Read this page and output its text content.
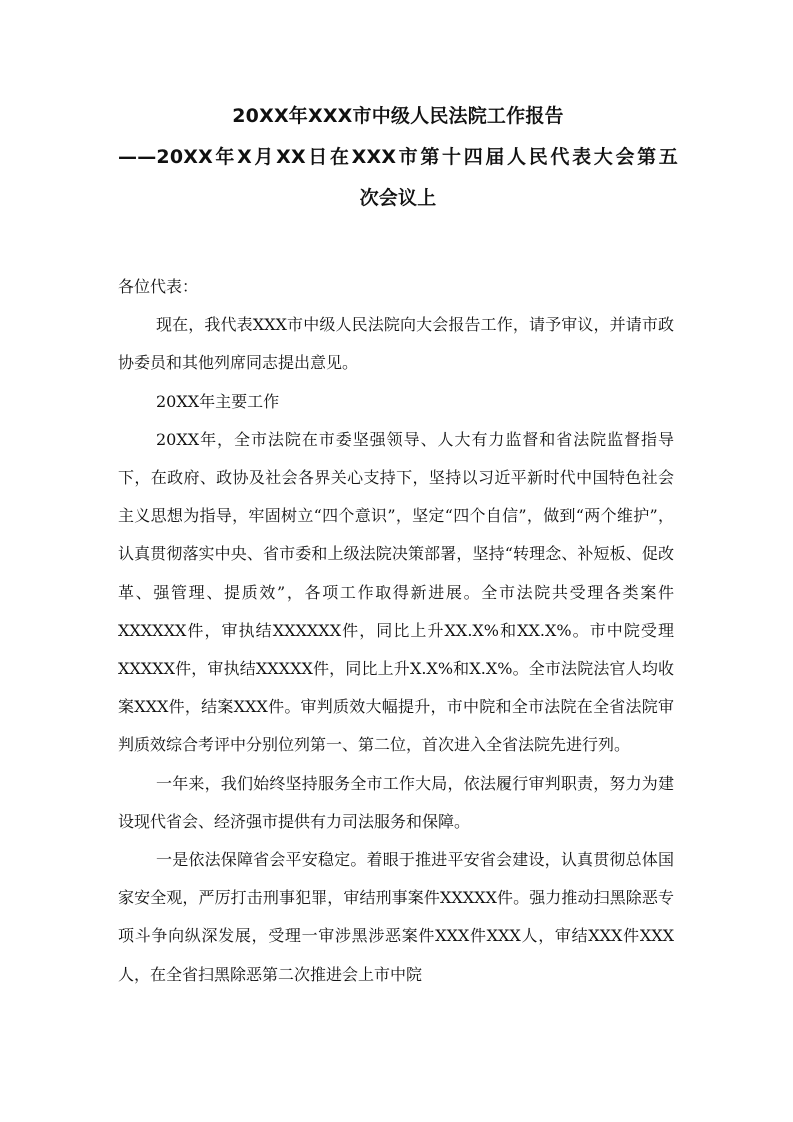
20XX年XXX市中级人民法院工作报告
——20XX年X月XX日在XXX市第十四届人民代表大会第五
次会议上

各位代表：

现在，我代表XXX市中级人民法院向大会报告工作，请予审议，并请市政协委员和其他列席同志提出意见。

20XX年主要工作

20XX年，全市法院在市委坚强领导、人大有力监督和省法院监督指导下，在政府、政协及社会各界关心支持下，坚持以习近平新时代中国特色社会主义思想为指导，牢固树立“四个意识”，坚定“四个自信”，做到“两个维护”，认真贯彻落实中央、省市委和上级法院决策部署，坚持“转理念、补短板、促改革、强管理、提质效”，各项工作取得新进展。全市法院共受理各类案件XXXXXX件，审执结XXXXXX件，同比上升XX.X%和XX.X%。市中院受理XXXXX件，审执结XXXXX件，同比上升X.X%和X.X%。全市法院法官人均收案XXX件，结案XXX件。审判质效大幅提升，市中院和全市法院在全省法院审判质效综合考评中分别位列第一、第二位，首次进入全省法院先进行列。

一年来，我们始终坚持服务全市工作大局，依法履行审判职责，努力为建设现代省会、经济强市提供有力司法服务和保障。

一是依法保障省会平安稳定。着眼于推进平安省会建设，认真贯彻总体国家安全观，严厉打击刑事犯罪，审结刑事案件XXXXX件。强力推动扫黑除恶专项斗争向纵深发展，受理一审涉黑涉恶案件XXX件XXX人，审结XXX件XXX人，在全省扫黑除恶第二次推进会上市中院
